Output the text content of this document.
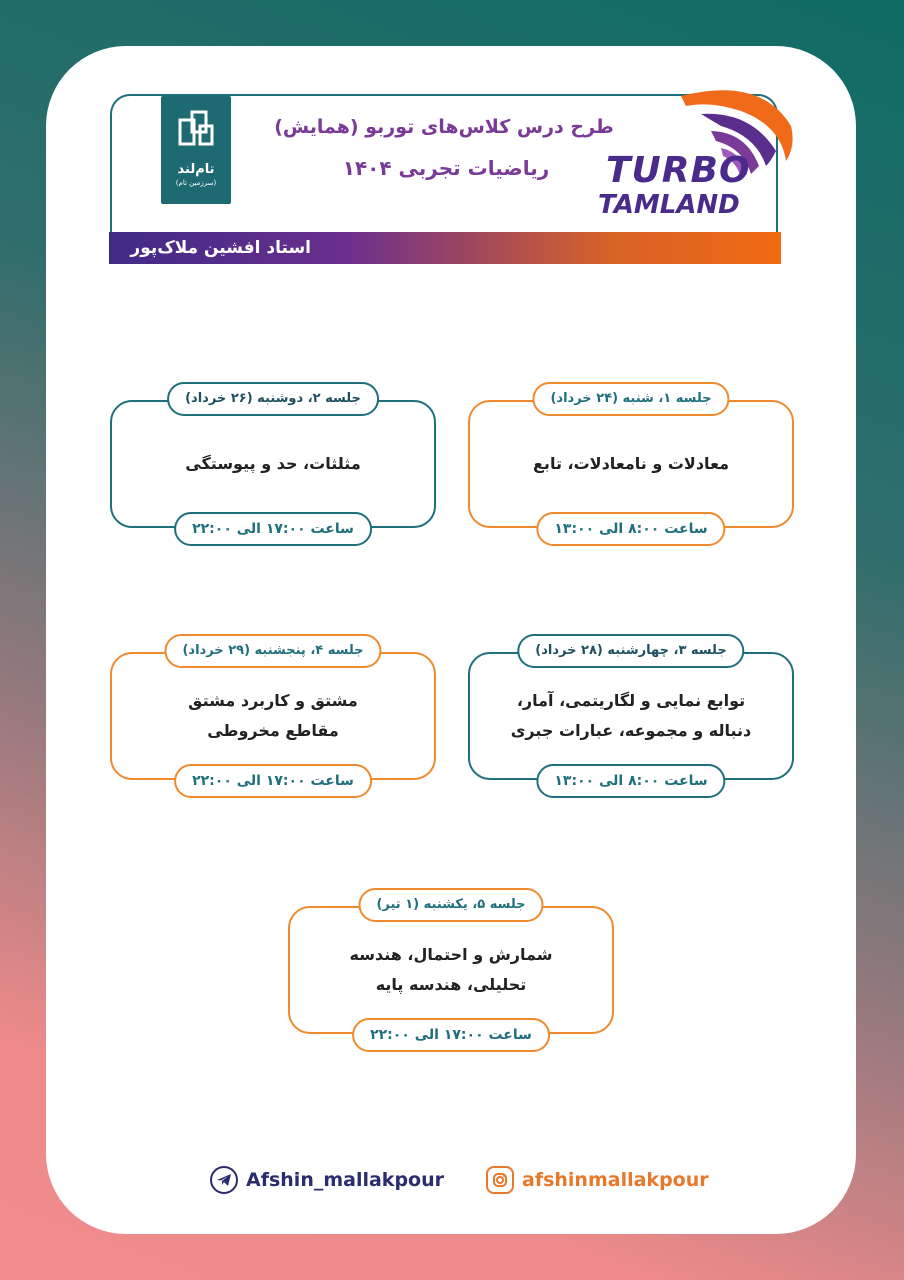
تام‌لند
(سرزمین تام)
طرح درس کلاس‌های توربو (همایش)
ریاضیات تجربی ۱۴۰۴	TURBO
TAMLAND
استاد افشین ملاک‌پور
جلسه ۱، شنبه (۲۴ خرداد)
معادلات و نامعادلات، تابع
ساعت ۸:۰۰ الی ۱۳:۰۰
جلسه ۲، دوشنبه (۲۶ خرداد)
مثلثات، حد و پیوستگی
ساعت ۱۷:۰۰ الی ۲۲:۰۰
جلسه ۳، چهارشنبه (۲۸ خرداد)
توابع نمایی و لگاریتمی، آمار، دنباله و مجموعه، عبارات جبری
ساعت ۸:۰۰ الی ۱۳:۰۰
جلسه ۴، پنجشنبه (۲۹ خرداد)
مشتق و کاربرد مشتق مقاطع مخروطی
ساعت ۱۷:۰۰ الی ۲۲:۰۰
جلسه ۵، یکشنبه (۱ تیر)
شمارش و احتمال، هندسه تحلیلی، هندسه پایه
ساعت ۱۷:۰۰ الی ۲۲:۰۰
Afshin_mallakpour	afshinmallakpour
